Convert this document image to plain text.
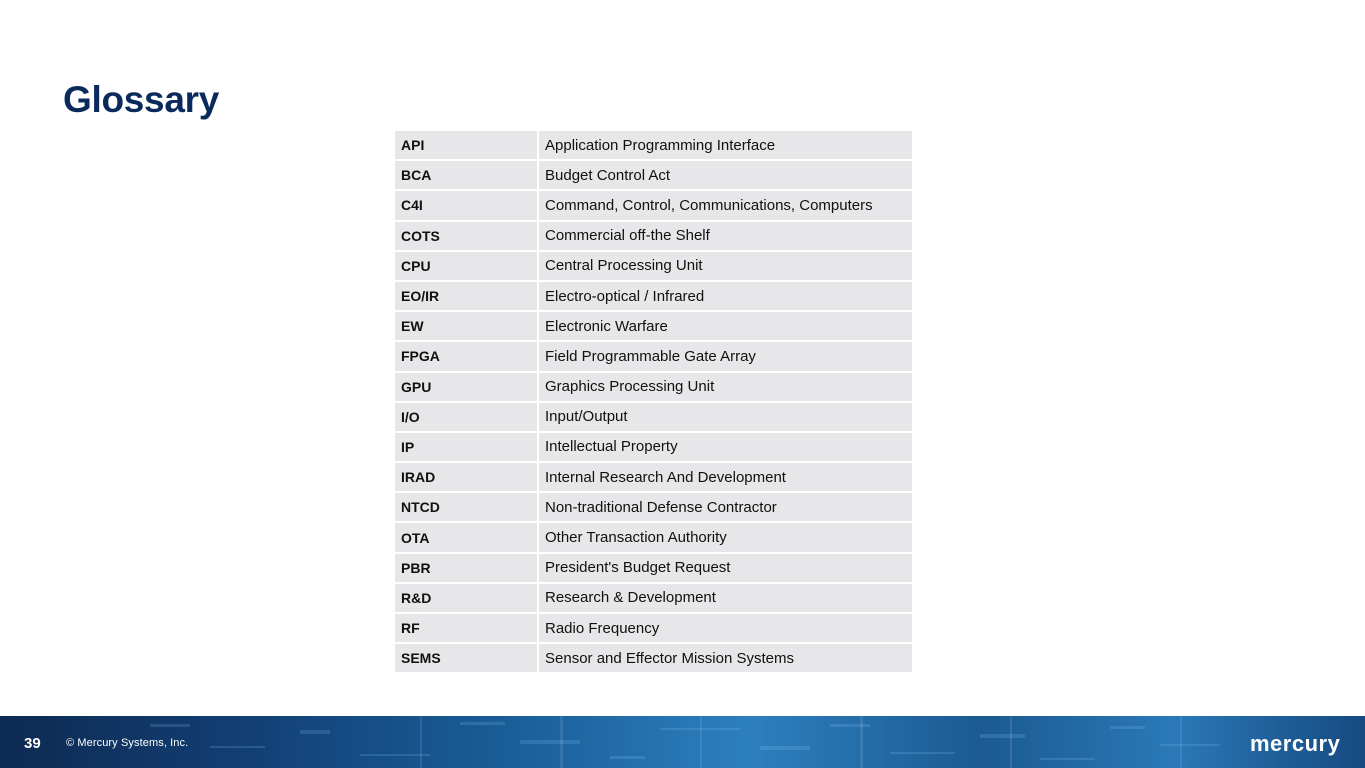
Glossary
API	Application Programming Interface
BCA	Budget Control Act
C4I	Command, Control, Communications, Computers
COTS	Commercial off-the Shelf
CPU	Central Processing Unit
EO/IR	Electro-optical / Infrared
EW	Electronic Warfare
FPGA	Field Programmable Gate Array
GPU	Graphics Processing Unit
I/O	Input/Output
IP	Intellectual Property
IRAD	Internal Research And Development
NTCD	Non-traditional Defense Contractor
OTA	Other Transaction Authority
PBR	President's Budget Request
R&D	Research & Development
RF	Radio Frequency
SEMS	Sensor and Effector Mission Systems
39 © Mercury Systems, Inc.	mercury
